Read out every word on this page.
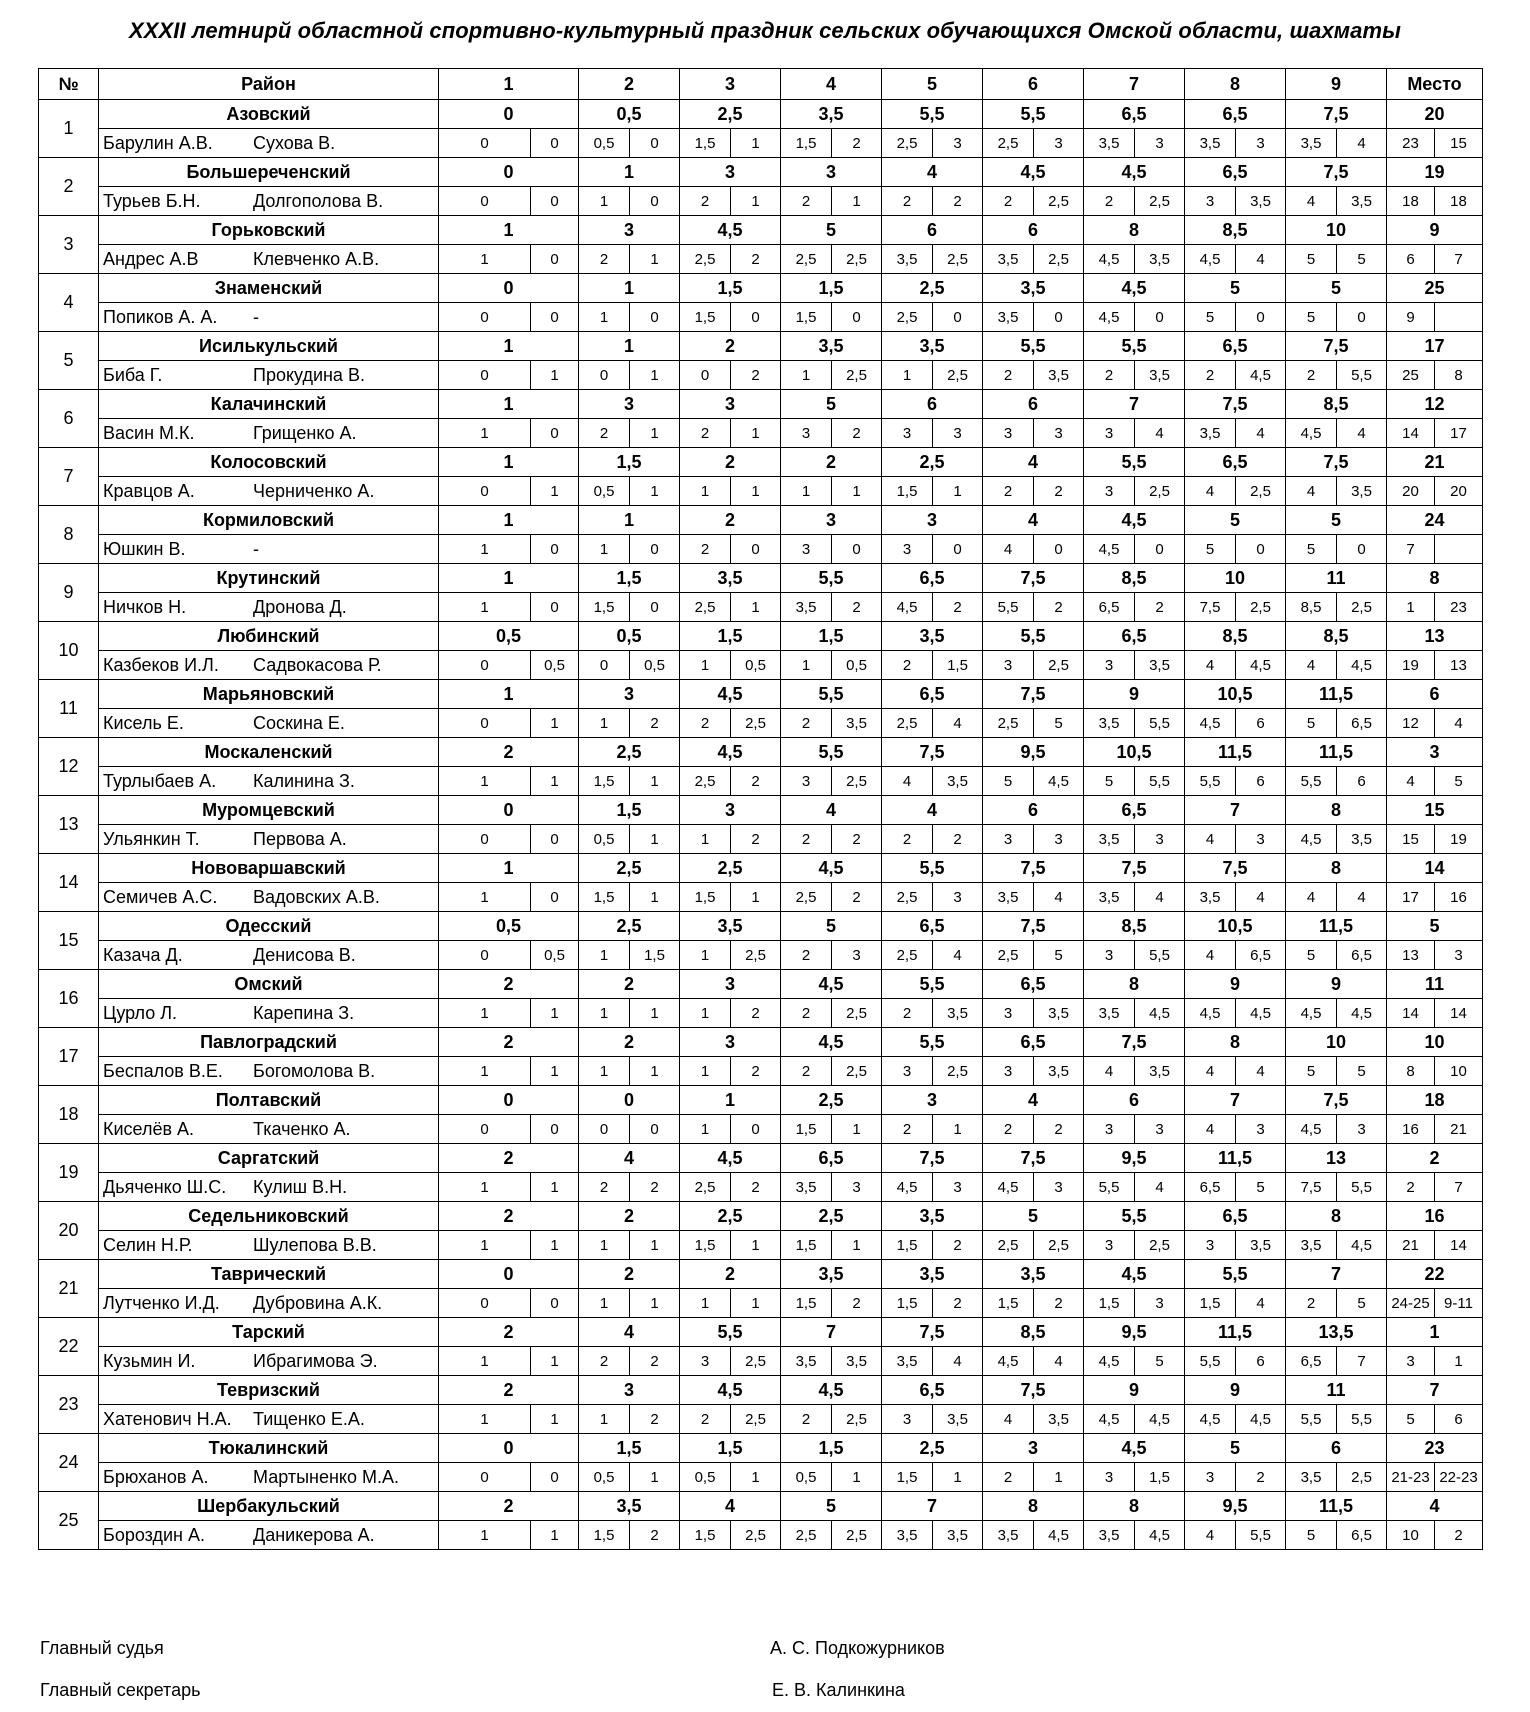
XXXII летнирй областной спортивно-культурный праздник сельских обучающихся Омской области, шахматы
№	Район	1		2		3		4		5		6		7		8		9		Место	
1	Азовский	0		0,5		2,5		3,5		5,5		5,5		6,5		6,5		7,5		20	
	Барулин А.В. Сухова В.	0	0	0,5	0	1,5	1	1,5	2	2,5	3	2,5	3	3,5	3	3,5	3	3,5	4	23	15
2	Большереченский	0		1		3		3		4		4,5		4,5		6,5		7,5		19	
	Турьев Б.Н. Долгополова В.	0	0	1	0	2	1	2	1	2	2	2	2,5	2	2,5	3	3,5	4	3,5	18	18
3	Горьковский	1		3		4,5		5		6		6		8		8,5		10		9	
	Андрес А.В Клевченко А.В.	1	0	2	1	2,5	2	2,5	2,5	3,5	2,5	3,5	2,5	4,5	3,5	4,5	4	5	5	6	7
4	Знаменский	0		1		1,5		1,5		2,5		3,5		4,5		5		5		25	
	Попиков А. А. -	0	0	1	0	1,5	0	1,5	0	2,5	0	3,5	0	4,5	0	5	0	5	0	9	
5	Исилькульский	1		1		2		3,5		3,5		5,5		5,5		6,5		7,5		17	
	Биба Г. Прокудина В.	0	1	0	1	0	2	1	2,5	1	2,5	2	3,5	2	3,5	2	4,5	2	5,5	25	8
6	Калачинский	1		3		3		5		6		6		7		7,5		8,5		12	
	Васин М.К. Грищенко А.	1	0	2	1	2	1	3	2	3	3	3	3	3	4	3,5	4	4,5	4	14	17
7	Колосовский	1		1,5		2		2		2,5		4		5,5		6,5		7,5		21	
	Кравцов А. Черниченко А.	0	1	0,5	1	1	1	1	1	1,5	1	2	2	3	2,5	4	2,5	4	3,5	20	20
8	Кормиловский	1		1		2		3		3		4		4,5		5		5		24	
	Юшкин В. -	1	0	1	0	2	0	3	0	3	0	4	0	4,5	0	5	0	5	0	7	
9	Крутинский	1		1,5		3,5		5,5		6,5		7,5		8,5		10		11		8	
	Ничков Н. Дронова Д.	1	0	1,5	0	2,5	1	3,5	2	4,5	2	5,5	2	6,5	2	7,5	2,5	8,5	2,5	1	23
10	Любинский	0,5		0,5		1,5		1,5		3,5		5,5		6,5		8,5		8,5		13	
	Казбеков И.Л. Садвокасова Р.	0	0,5	0	0,5	1	0,5	1	0,5	2	1,5	3	2,5	3	3,5	4	4,5	4	4,5	19	13
11	Марьяновский	1		3		4,5		5,5		6,5		7,5		9		10,5		11,5		6	
	Кисель Е. Соскина Е.	0	1	1	2	2	2,5	2	3,5	2,5	4	2,5	5	3,5	5,5	4,5	6	5	6,5	12	4
12	Москаленский	2		2,5		4,5		5,5		7,5		9,5		10,5		11,5		11,5		3	
	Турлыбаев А. Калинина З.	1	1	1,5	1	2,5	2	3	2,5	4	3,5	5	4,5	5	5,5	5,5	6	5,5	6	4	5
13	Муромцевский	0		1,5		3		4		4		6		6,5		7		8		15	
	Ульянкин Т. Первова А.	0	0	0,5	1	1	2	2	2	2	2	3	3	3,5	3	4	3	4,5	3,5	15	19
14	Нововаршавский	1		2,5		2,5		4,5		5,5		7,5		7,5		7,5		8		14	
	Семичев А.С. Вадовских А.В.	1	0	1,5	1	1,5	1	2,5	2	2,5	3	3,5	4	3,5	4	3,5	4	4	4	17	16
15	Одесский	0,5		2,5		3,5		5		6,5		7,5		8,5		10,5		11,5		5	
	Казача Д. Денисова В.	0	0,5	1	1,5	1	2,5	2	3	2,5	4	2,5	5	3	5,5	4	6,5	5	6,5	13	3
16	Омский	2		2		3		4,5		5,5		6,5		8		9		9		11	
	Цурло Л. Карепина З.	1	1	1	1	1	2	2	2,5	2	3,5	3	3,5	3,5	4,5	4,5	4,5	4,5	4,5	14	14
17	Павлоградский	2		2		3		4,5		5,5		6,5		7,5		8		10		10	
	Беспалов В.Е. Богомолова В.	1	1	1	1	1	2	2	2,5	3	2,5	3	3,5	4	3,5	4	4	5	5	8	10
18	Полтавский	0		0		1		2,5		3		4		6		7		7,5		18	
	Киселёв А. Ткаченко А.	0	0	0	0	1	0	1,5	1	2	1	2	2	3	3	4	3	4,5	3	16	21
19	Саргатский	2		4		4,5		6,5		7,5		7,5		9,5		11,5		13		2	
	Дьяченко Ш.С. Кулиш В.Н.	1	1	2	2	2,5	2	3,5	3	4,5	3	4,5	3	5,5	4	6,5	5	7,5	5,5	2	7
20	Седельниковский	2		2		2,5		2,5		3,5		5		5,5		6,5		8		16	
	Селин Н.Р. Шулепова В.В.	1	1	1	1	1,5	1	1,5	1	1,5	2	2,5	2,5	3	2,5	3	3,5	3,5	4,5	21	14
21	Таврический	0		2		2		3,5		3,5		3,5		4,5		5,5		7		22	
	Лутченко И.Д. Дубровина А.К.	0	0	1	1	1	1	1,5	2	1,5	2	1,5	2	1,5	3	1,5	4	2	5	24-25	9-11
22	Тарский	2		4		5,5		7		7,5		8,5		9,5		11,5		13,5		1	
	Кузьмин И. Ибрагимова Э.	1	1	2	2	3	2,5	3,5	3,5	3,5	4	4,5	4	4,5	5	5,5	6	6,5	7	3	1
23	Тевризский	2		3		4,5		4,5		6,5		7,5		9		9		11		7	
	Хатенович Н.А. Тищенко Е.А.	1	1	1	2	2	2,5	2	2,5	3	3,5	4	3,5	4,5	4,5	4,5	4,5	5,5	5,5	5	6
24	Тюкалинский	0		1,5		1,5		1,5		2,5		3		4,5		5		6		23	
	Брюханов А. Мартыненко М.А.	0	0	0,5	1	0,5	1	0,5	1	1,5	1	2	1	3	1,5	3	2	3,5	2,5	21-23	22-23
25	Шербакульский	2		3,5		4		5		7		8		8		9,5		11,5		4	
	Бороздин А. Даникерова А.	1	1	1,5	2	1,5	2,5	2,5	2,5	3,5	3,5	3,5	4,5	3,5	4,5	4	5,5	5	6,5	10	2
Главный судья	А. С. Подкожурников
Главный секретарь	Е. В. Калинкина
